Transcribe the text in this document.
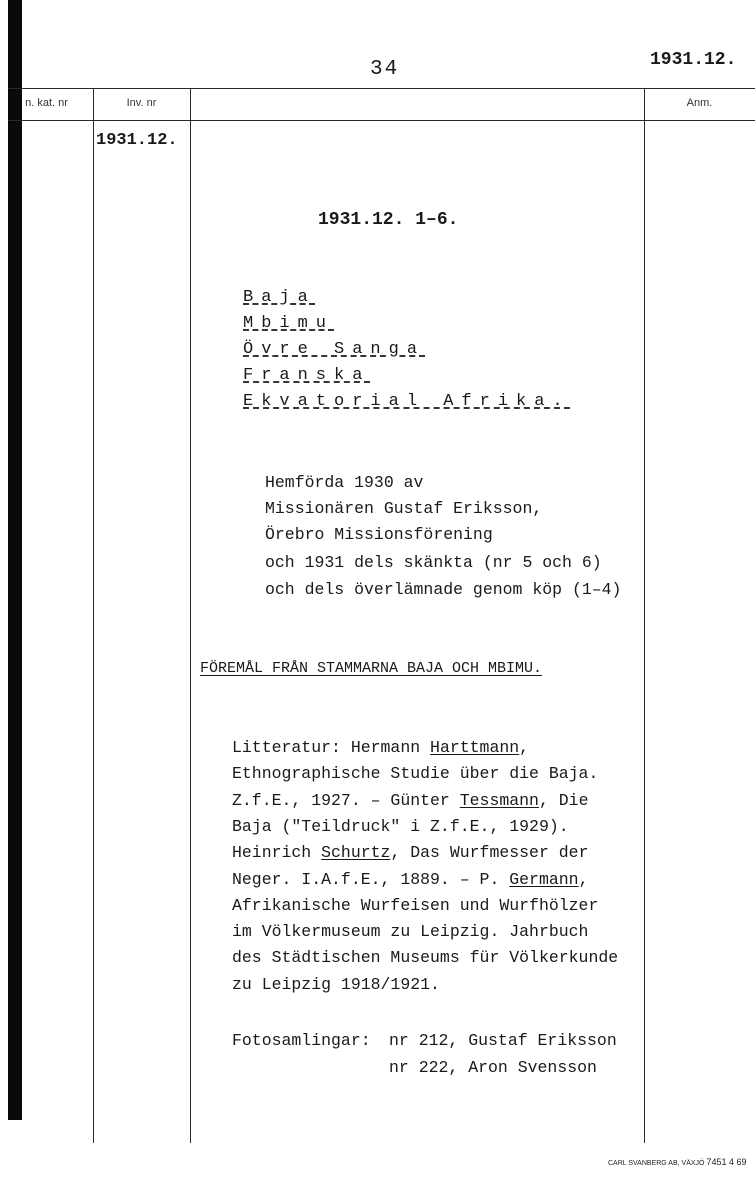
34	1931.12.
n. kat. nr	Inv. nr	Anm.
1931.12.
1931.12. 1–6.
Baja
Mbimu
Övre Sanga
Franska
Ekvatorial Afrika.
Hemförda 1930 av
Missionären Gustaf Eriksson,
Örebro Missionsförening
och 1931 dels skänkta (nr 5 och 6)
och dels överlämnade genom köp (1–4)
FÖREMÅL FRÅN STAMMARNA BAJA OCH MBIMU.
Litteratur: Hermann Harttmann,
Ethnographische Studie über die Baja.
Z.f.E., 1927. – Günter Tessmann, Die
Baja ("Teildruck" i Z.f.E., 1929).
Heinrich Schurtz, Das Wurfmesser der
Neger. I.A.f.E., 1889. – P. Germann,
Afrikanische Wurfeisen und Wurfhölzer
im Völkermuseum zu Leipzig. Jahrbuch
des Städtischen Museums für Völkerkunde
zu Leipzig 1918/1921.
Fotosamlingar: nr 212, Gustaf Eriksson
nr 222, Aron Svensson
CARL SVANBERG AB, VÄXJÖ 7451 4 69
